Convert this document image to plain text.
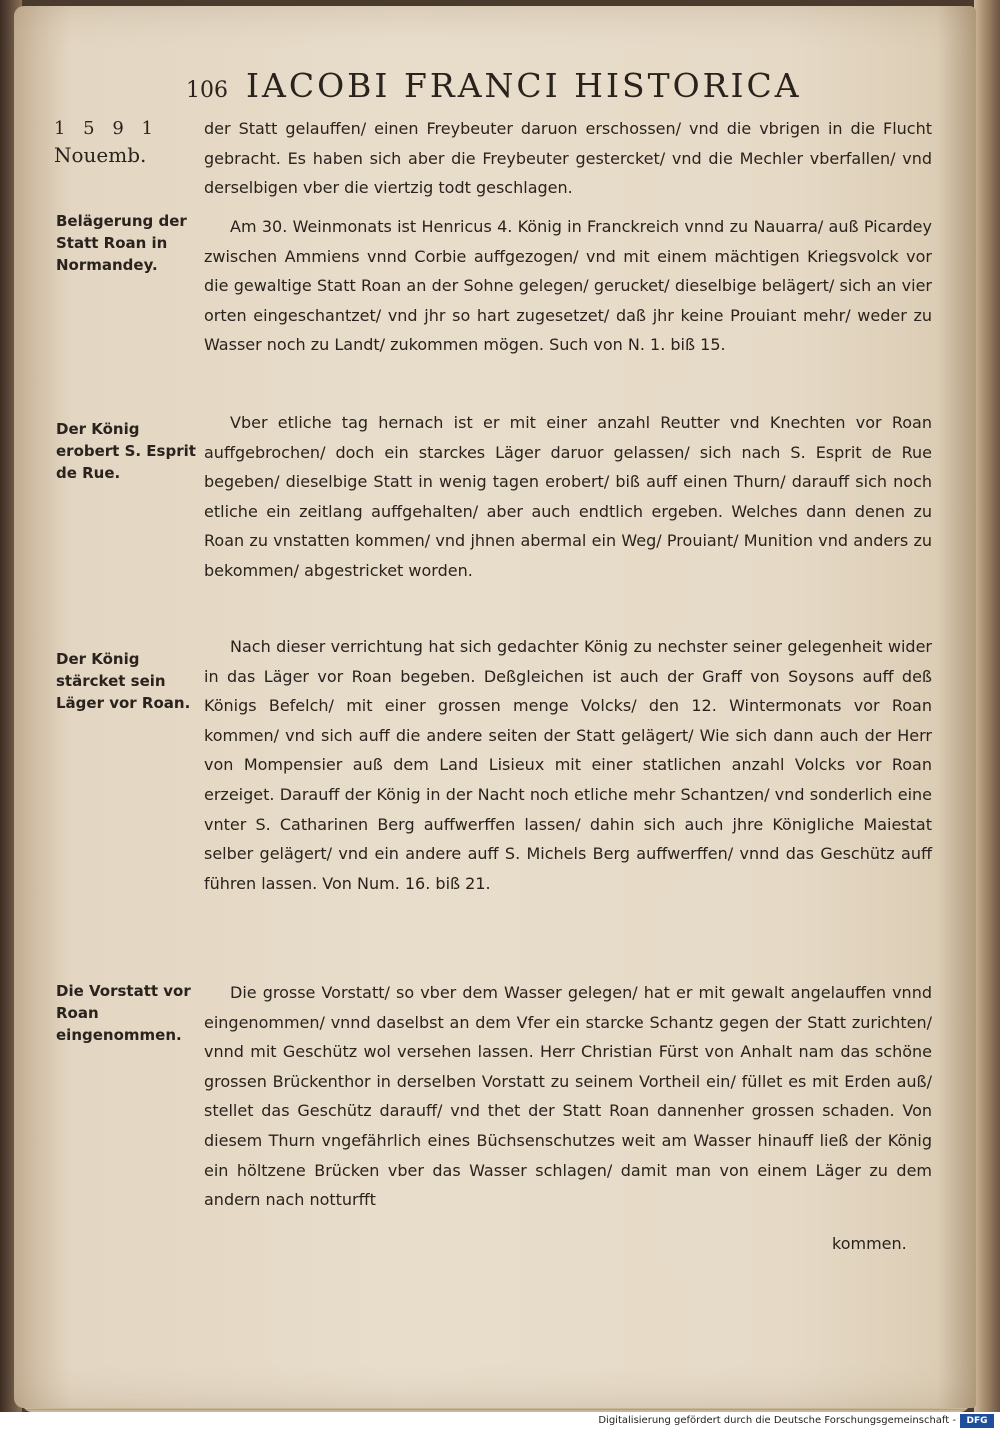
106 IACOBI FRANCI HISTORICA
1 5 9 1
Nouemb.
Belägerung der Statt Roan in Normandey.
Der König erobert S. Esprit de Rue.
Der König stärcket sein Läger vor Roan.
Die Vorstatt vor Roan eingenommen.
der Statt gelauffen/ einen Freybeuter daruon erschossen/ vnd die vbrigen in die Flucht gebracht. Es haben sich aber die Freybeuter gestercket/ vnd die Mechler vberfallen/ vnd derselbigen vber die viertzig todt geschlagen.
Am 30. Weinmonats ist Henricus 4. König in Franckreich vnnd zu Nauarra/ auß Picardey zwischen Ammiens vnnd Corbie auffgezogen/ vnd mit einem mächtigen Kriegsvolck vor die gewaltige Statt Roan an der Sohne gelegen/ gerucket/ dieselbige belägert/ sich an vier orten eingeschantzet/ vnd jhr so hart zugesetzet/ daß jhr keine Prouiant mehr/ weder zu Wasser noch zu Landt/ zukommen mögen. Such von N. 1. biß 15.
Vber etliche tag hernach ist er mit einer anzahl Reutter vnd Knechten vor Roan auffgebrochen/ doch ein starckes Läger daruor gelassen/ sich nach S. Esprit de Rue begeben/ dieselbige Statt in wenig tagen erobert/ biß auff einen Thurn/ darauff sich noch etliche ein zeitlang auffgehalten/ aber auch endtlich ergeben. Welches dann denen zu Roan zu vnstatten kommen/ vnd jhnen abermal ein Weg/ Prouiant/ Munition vnd anders zu bekommen/ abgestricket worden.
Nach dieser verrichtung hat sich gedachter König zu nechster seiner gelegenheit wider in das Läger vor Roan begeben. Deßgleichen ist auch der Graff von Soysons auff deß Königs Befelch/ mit einer grossen menge Volcks/ den 12. Wintermonats vor Roan kommen/ vnd sich auff die andere seiten der Statt gelägert/ Wie sich dann auch der Herr von Mompensier auß dem Land Lisieux mit einer statlichen anzahl Volcks vor Roan erzeiget. Darauff der König in der Nacht noch etliche mehr Schantzen/ vnd sonderlich eine vnter S. Catharinen Berg auffwerffen lassen/ dahin sich auch jhre Königliche Maiestat selber gelägert/ vnd ein andere auff S. Michels Berg auffwerffen/ vnnd das Geschütz auff führen lassen. Von Num. 16. biß 21.
Die grosse Vorstatt/ so vber dem Wasser gelegen/ hat er mit gewalt angelauffen vnnd eingenommen/ vnnd daselbst an dem Vfer ein starcke Schantz gegen der Statt zurichten/ vnnd mit Geschütz wol versehen lassen. Herr Christian Fürst von Anhalt nam das schöne grossen Brückenthor in derselben Vorstatt zu seinem Vortheil ein/ füllet es mit Erden auß/ stellet das Geschütz darauff/ vnd thet der Statt Roan dannenher grossen schaden. Von diesem Thurn vngefährlich eines Büchsenschutzes weit am Wasser hinauff ließ der König ein höltzene Brücken vber das Wasser schlagen/ damit man von einem Läger zu dem andern nach notturfft
kommen.
Digitalisierung gefördert durch die Deutsche Forschungsgemeinschaft -	DFG
